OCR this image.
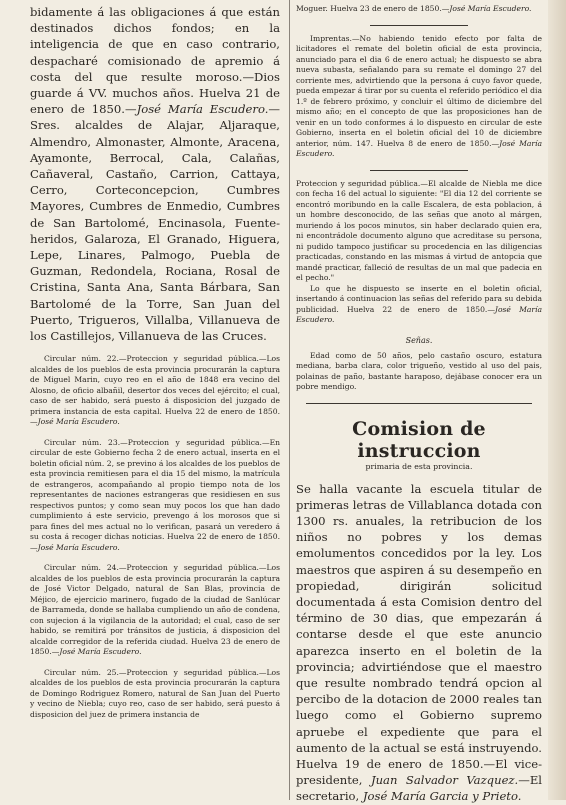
bidamente á las obligaciones á que están destinados dichos fondos; en la inteligencia de que en caso contrario, despacharé comisionado de apremio á costa del que resulte moroso.—Dios guarde á VV. muchos años. Huelva 21 de enero de 1850.—José María Escudero.—Sres. alcaldes de Alajar, Aljaraque, Almendro, Almonaster, Almonte, Aracena, Ayamonte, Berrocal, Cala, Calañas, Cañaveral, Castaño, Carrion, Cattaya, Cerro, Corteconcepcion, Cumbres Mayores, Cumbres de Enmedio, Cumbres de San Bartolomé, Encinasola, Fuente-heridos, Galaroza, El Granado, Higuera, Lepe, Linares, Palmogo, Puebla de Guzman, Redondela, Rociana, Rosal de Cristina, Santa Ana, Santa Bárbara, San Bartolomé de la Torre, San Juan del Puerto, Trigueros, Villalba, Villanueva de los Castillejos, Villanueva de las Cruces.

Circular núm. 22.—Proteccion y seguridad pública.—Los alcaldes de los pueblos de esta provincia procurarán la captura de Miguel Marin, cuyo reo en el año de 1848 era vecino del Alosno, de oficio albañil, desertor dos veces del ejército; el cual, caso de ser habido, será puesto á disposicion del juzgado de primera instancia de esta capital. Huelva 22 de enero de 1850.—José María Escudero.

Circular núm. 23.—Proteccion y seguridad pública.—En circular de este Gobierno fecha 2 de enero actual, inserta en el boletin oficial núm. 2, se previno á los alcaldes de los pueblos de esta provincia remitiesen para el dia 15 del mismo, la matrícula de estrangeros, acompañando al propio tiempo nota de los representantes de naciones estrangeras que residiesen en sus respectivos puntos; y como sean muy pocos los que han dado cumplimiento á este servicio, prevengo á los morosos que si para fines del mes actual no lo verifican, pasará un veredero á su costa á recoger dichas noticias. Huelva 22 de enero de 1850.—José María Escudero.

Circular núm. 24.—Proteccion y seguridad pública.—Los alcaldes de los pueblos de esta provincia procurarán la captura de José Victor Delgado, natural de San Blas, provincia de Méjico, de ejercicio marinero, fugado de la ciudad de Sanlúcar de Barrameda, donde se hallaba cumpliendo un año de condena, con sujecion á la vigilancia de la autoridad; el cual, caso de ser habido, se remitirá por tránsitos de justicia, á disposicion del alcalde corregidor de la referida ciudad. Huelva 23 de enero de 1850.—José María Escudero.

Circular núm. 25.—Proteccion y seguridad pública.—Los alcaldes de los pueblos de esta provincia procurarán la captura de Domingo Rodriguez Romero, natural de San Juan del Puerto y vecino de Niebla; cuyo reo, caso de ser habido, será puesto á disposicion del juez de primera instancia de

Moguer. Huelva 23 de enero de 1850.—José María Escudero.

Imprentas.—No habiendo tenido efecto por falta de licitadores el remate del boletin oficial de esta provincia, anunciado para el dia 6 de enero actual; he dispuesto se abra nueva subasta, señalando para su remate el domingo 27 del corriente mes, advirtiendo que la persona á cuyo favor quede, pueda empezar á tirar por su cuenta el referido periódico el dia 1.º de febrero próximo, y concluir el último de diciembre del mismo año; en el concepto de que las proposiciones han de venir en un todo conformes á lo dispuesto en circular de este Gobierno, inserta en el boletin oficial del 10 de diciembre anterior, núm. 147. Huelva 8 de enero de 1850.—José María Escudero.

Proteccion y seguridad pública.—El alcalde de Niebla me dice con fecha 16 del actual lo siguiente: "El dia 12 del corriente se encontró moribundo en la calle Escalera, de esta poblacion, á un hombre desconocido, de las señas que anoto al márgen, muriendo á los pocos minutos, sin haber declarado quien era, ni encontrádole documento alguno que acreditase su persona, ni pudido tampoco justificar su procedencia en las diligencias practicadas, constando en las mismas á virtud de antopcia que mandé practicar, falleció de resultas de un mal que padecia en el pecho."

Lo que he dispuesto se inserte en el boletin oficial, insertando á continuacion las señas del referido para su debida publicidad. Huelva 22 de enero de 1850.—José María Escudero.

Señas.

Edad como de 50 años, pelo castaño oscuro, estatura mediana, barba clara, color trigueño, vestido al uso del pais, polainas de paño, bastante haraposo, dejábase conocer era un pobre mendigo.

Comision de instruccion

primaria de esta provincia.

Se halla vacante la escuela titular de primeras letras de Villablanca dotada con 1300 rs. anuales, la retribucion de los niños no pobres y los demas emolumentos concedidos por la ley. Los maestros que aspiren á su desempeño en propiedad, dirigirán solicitud documentada á esta Comision dentro del término de 30 dias, que empezarán á contarse desde el que este anuncio aparezca inserto en el boletin de la provincia; advirtiéndose que el maestro que resulte nombrado tendrá opcion al percibo de la dotacion de 2000 reales tan luego como el Gobierno supremo apruebe el expediente que para el aumento de la actual se está instruyendo. Huelva 19 de enero de 1850.—El vice-presidente, Juan Salvador Vazquez.—El secretario, José María Garcia y Prieto.
